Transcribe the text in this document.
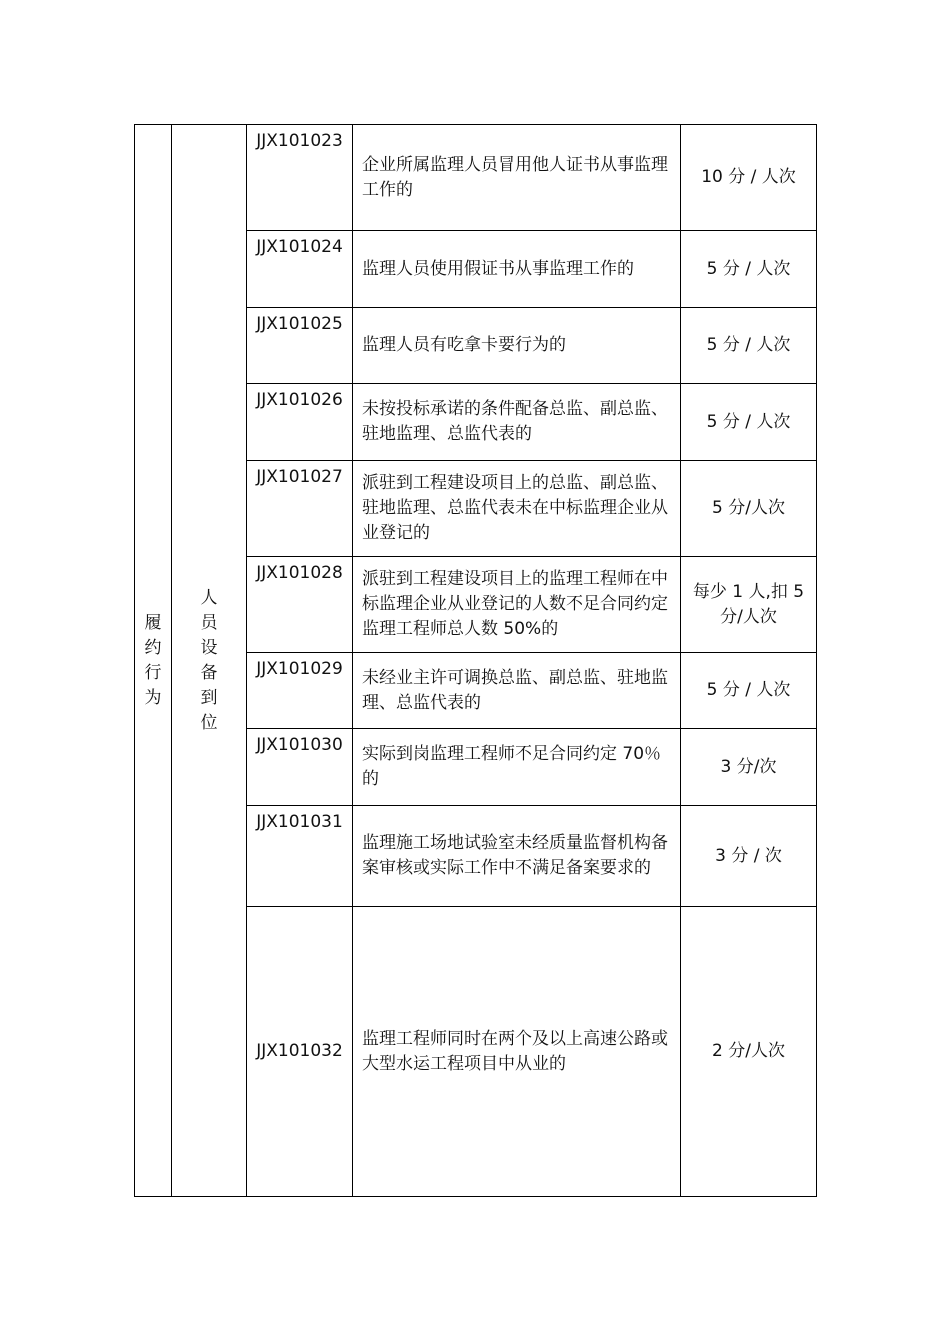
履约行为	人员设备到位	JJX101023	企业所属监理人员冒用他人证书从事监理工作的	10 分 / 人次
		JJX101024	监理人员使用假证书从事监理工作的	5 分 / 人次
		JJX101025	监理人员有吃拿卡要行为的	5 分 / 人次
		JJX101026	未按投标承诺的条件配备总监、副总监、驻地监理、总监代表的	5 分 / 人次
		JJX101027	派驻到工程建设项目上的总监、副总监、驻地监理、总监代表未在中标监理企业从业登记的	5 分/人次
		JJX101028	派驻到工程建设项目上的监理工程师在中标监理企业从业登记的人数不足合同约定监理工程师总人数 50%的	每少 1 人,扣 5 分/人次
		JJX101029	未经业主许可调换总监、副总监、驻地监理、总监代表的	5 分 / 人次
		JJX101030	实际到岗监理工程师不足合同约定 70％的	3 分/次
		JJX101031	监理施工场地试验室未经质量监督机构备案审核或实际工作中不满足备案要求的	3 分 / 次
		JJX101032	监理工程师同时在两个及以上高速公路或大型水运工程项目中从业的	2 分/人次
